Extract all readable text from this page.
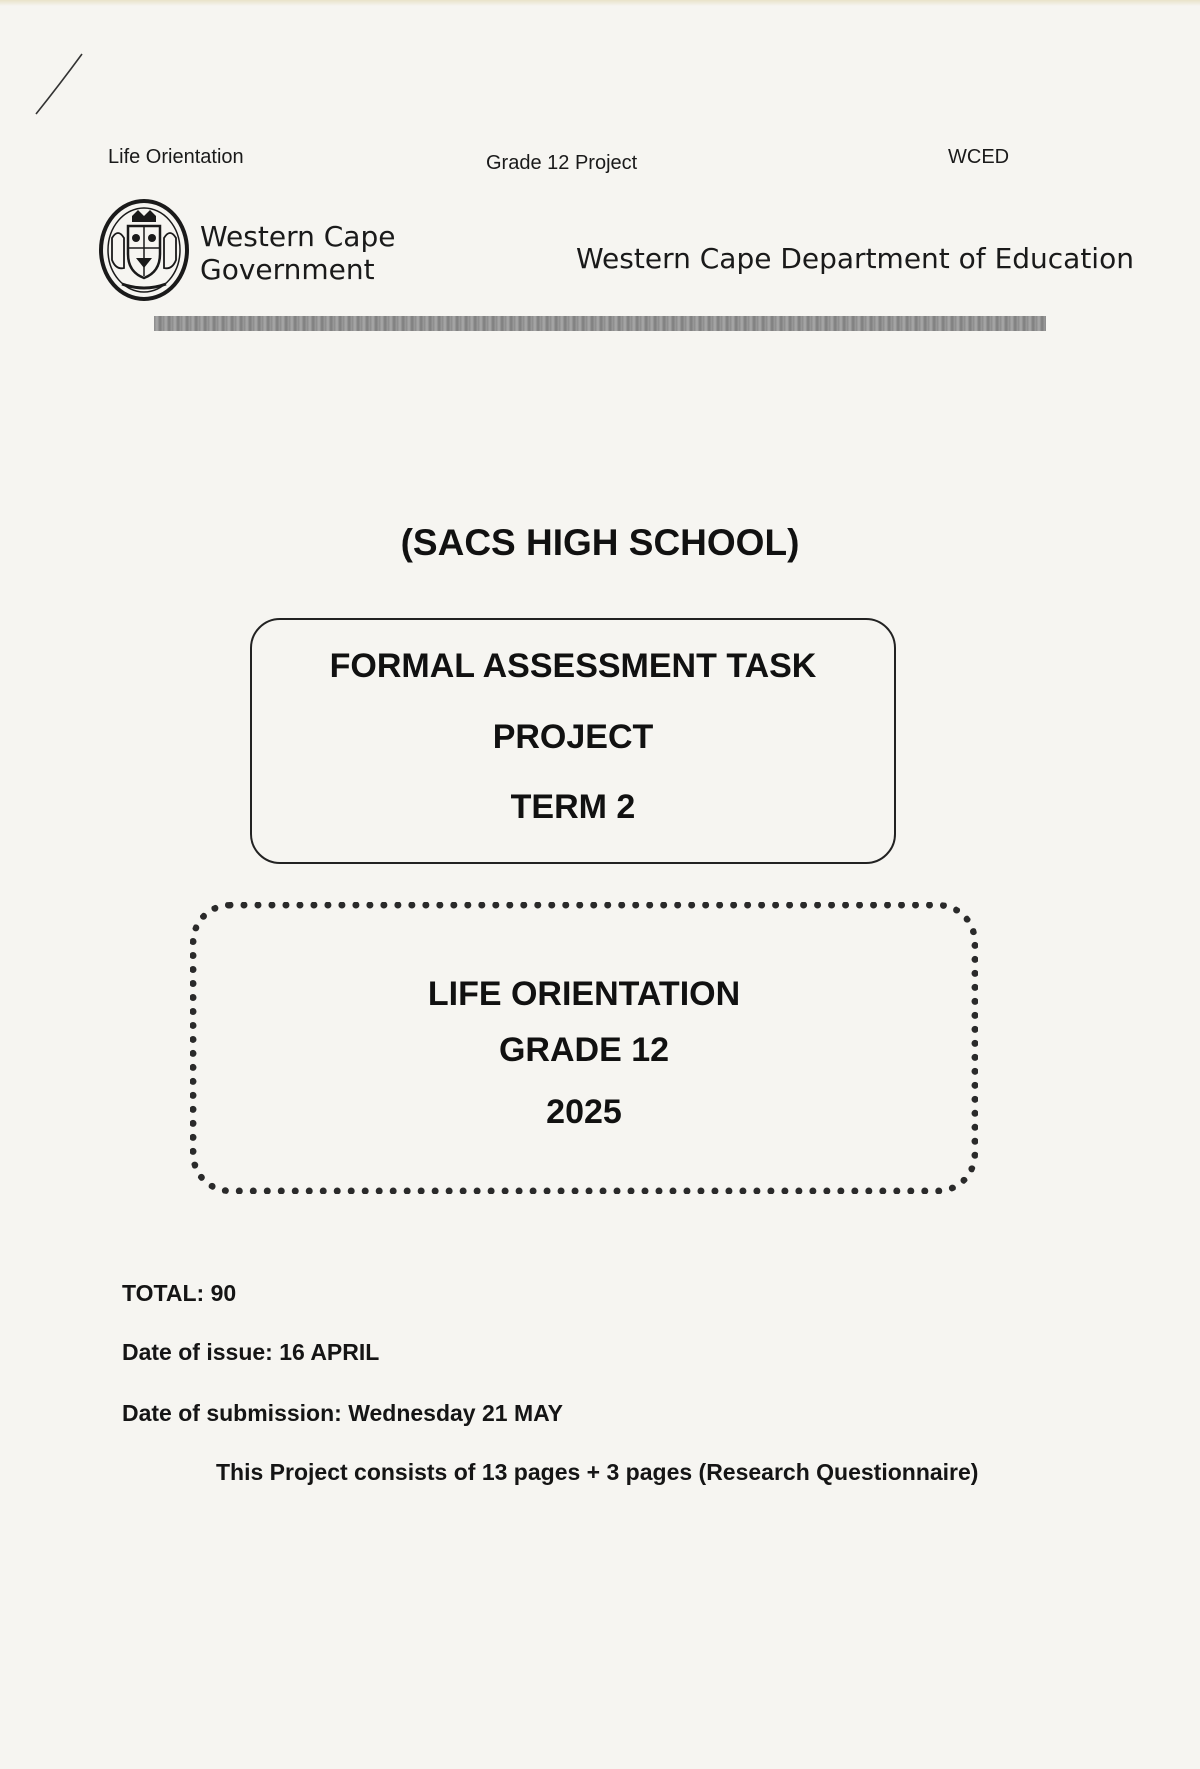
Life Orientation	Grade 12 Project	WCED
Western Cape
Government	Western Cape Department of Education
(SACS HIGH SCHOOL)
FORMAL ASSESSMENT TASK
PROJECT
TERM 2
LIFE ORIENTATION
GRADE 12
2025
TOTAL: 90
Date of issue: 16 APRIL
Date of submission: Wednesday 21 MAY
This Project consists of 13 pages + 3 pages (Research Questionnaire)
